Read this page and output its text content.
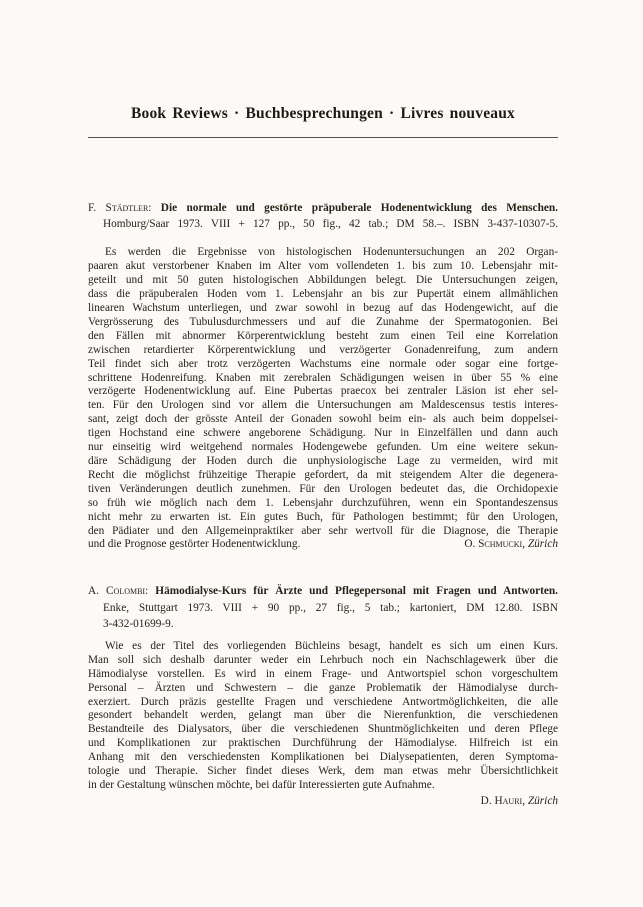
Book Reviews · Buchbesprechungen · Livres nouveaux
F. Städtler: Die normale und gestörte präpuberale Hodenentwicklung des Menschen.
Homburg/Saar 1973. VIII + 127 pp., 50 fig., 42 tab.; DM 58.–. ISBN 3-437-10307-5.
Es werden die Ergebnisse von histologischen Hodenuntersuchungen an 202 Organ-
paaren akut verstorbener Knaben im Alter vom vollendeten 1. bis zum 10. Lebensjahr mit-
geteilt und mit 50 guten histologischen Abbildungen belegt. Die Untersuchungen zeigen,
dass die präpuberalen Hoden vom 1. Lebensjahr an bis zur Pupertät einem allmählichen
linearen Wachstum unterliegen, und zwar sowohl in bezug auf das Hodengewicht, auf die
Vergrösserung des Tubulusdurchmessers und auf die Zunahme der Spermatogonien. Bei
den Fällen mit abnormer Körperentwicklung besteht zum einen Teil eine Korrelation
zwischen retardierter Körperentwicklung und verzögerter Gonadenreifung, zum andern
Teil findet sich aber trotz verzögerten Wachstums eine normale oder sogar eine fortge-
schrittene Hodenreifung. Knaben mit zerebralen Schädigungen weisen in über 55 % eine
verzögerte Hodenentwicklung auf. Eine Pubertas praecox bei zentraler Läsion ist eher sel-
ten. Für den Urologen sind vor allem die Untersuchungen am Maldescensus testis interes-
sant, zeigt doch der grösste Anteil der Gonaden sowohl beim ein- als auch beim doppelsei-
tigen Hochstand eine schwere angeborene Schädigung. Nur in Einzelfällen und dann auch
nur einseitig wird weitgehend normales Hodengewebe gefunden. Um eine weitere sekun-
däre Schädigung der Hoden durch die unphysiologische Lage zu vermeiden, wird mit
Recht die möglichst frühzeitige Therapie gefordert, da mit steigendem Alter die degenera-
tiven Veränderungen deutlich zunehmen. Für den Urologen bedeutet das, die Orchidopexie
so früh wie möglich nach dem 1. Lebensjahr durchzuführen, wenn ein Spontandeszensus
nicht mehr zu erwarten ist. Ein gutes Buch, für Pathologen bestimmt; für den Urologen,
den Pädiater und den Allgemeinpraktiker aber sehr wertvoll für die Diagnose, die Therapie
und die Prognose gestörter Hodenentwicklung.	O. Schmucki, Zürich
A. Colombi: Hämodialyse-Kurs für Ärzte und Pflegepersonal mit Fragen und Antworten.
Enke, Stuttgart 1973. VIII + 90 pp., 27 fig., 5 tab.; kartoniert, DM 12.80. ISBN
3-432-01699-9.
Wie es der Titel des vorliegenden Büchleins besagt, handelt es sich um einen Kurs.
Man soll sich deshalb darunter weder ein Lehrbuch noch ein Nachschlagewerk über die
Hämodialyse vorstellen. Es wird in einem Frage- und Antwortspiel schon vorgeschultem
Personal – Ärzten und Schwestern – die ganze Problematik der Hämodialyse durch-
exerziert. Durch präzis gestellte Fragen und verschiedene Antwortmöglichkeiten, die alle
gesondert behandelt werden, gelangt man über die Nierenfunktion, die verschiedenen
Bestandteile des Dialysators, über die verschiedenen Shuntmöglichkeiten und deren Pflege
und Komplikationen zur praktischen Durchführung der Hämodialyse. Hilfreich ist ein
Anhang mit den verschiedensten Komplikationen bei Dialysepatienten, deren Symptoma-
tologie und Therapie. Sicher findet dieses Werk, dem man etwas mehr Übersichtlichkeit
in der Gestaltung wünschen möchte, bei dafür Interessierten gute Aufnahme.
D. Hauri, Zürich
